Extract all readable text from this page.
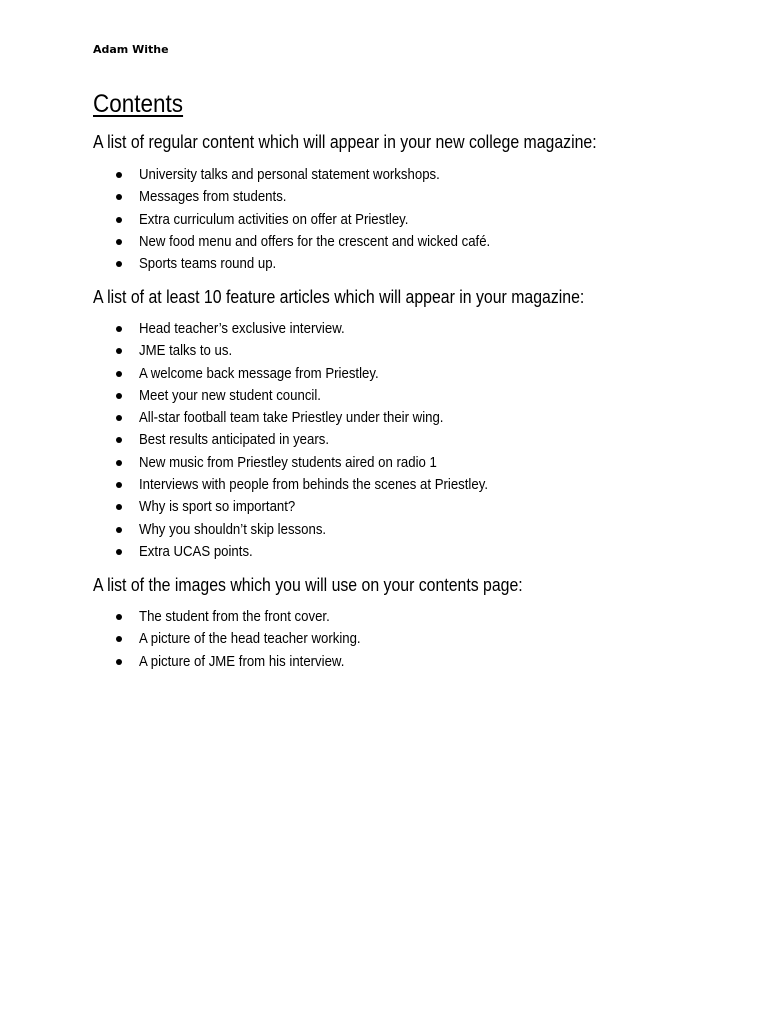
Adam Withe
Contents
A list of regular content which will appear in your new college magazine:
University talks and personal statement workshops.
Messages from students.
Extra curriculum activities on offer at Priestley.
New food menu and offers for the crescent and wicked café.
Sports teams round up.
A list of at least 10 feature articles which will appear in your magazine:
Head teacher’s exclusive interview.
JME talks to us.
A welcome back message from Priestley.
Meet your new student council.
All-star football team take Priestley under their wing.
Best results anticipated in years.
New music from Priestley students aired on radio 1
Interviews with people from behinds the scenes at Priestley.
Why is sport so important?
Why you shouldn’t skip lessons.
Extra UCAS points.
A list of the images which you will use on your contents page:
The student from the front cover.
A picture of the head teacher working.
A picture of JME from his interview.
